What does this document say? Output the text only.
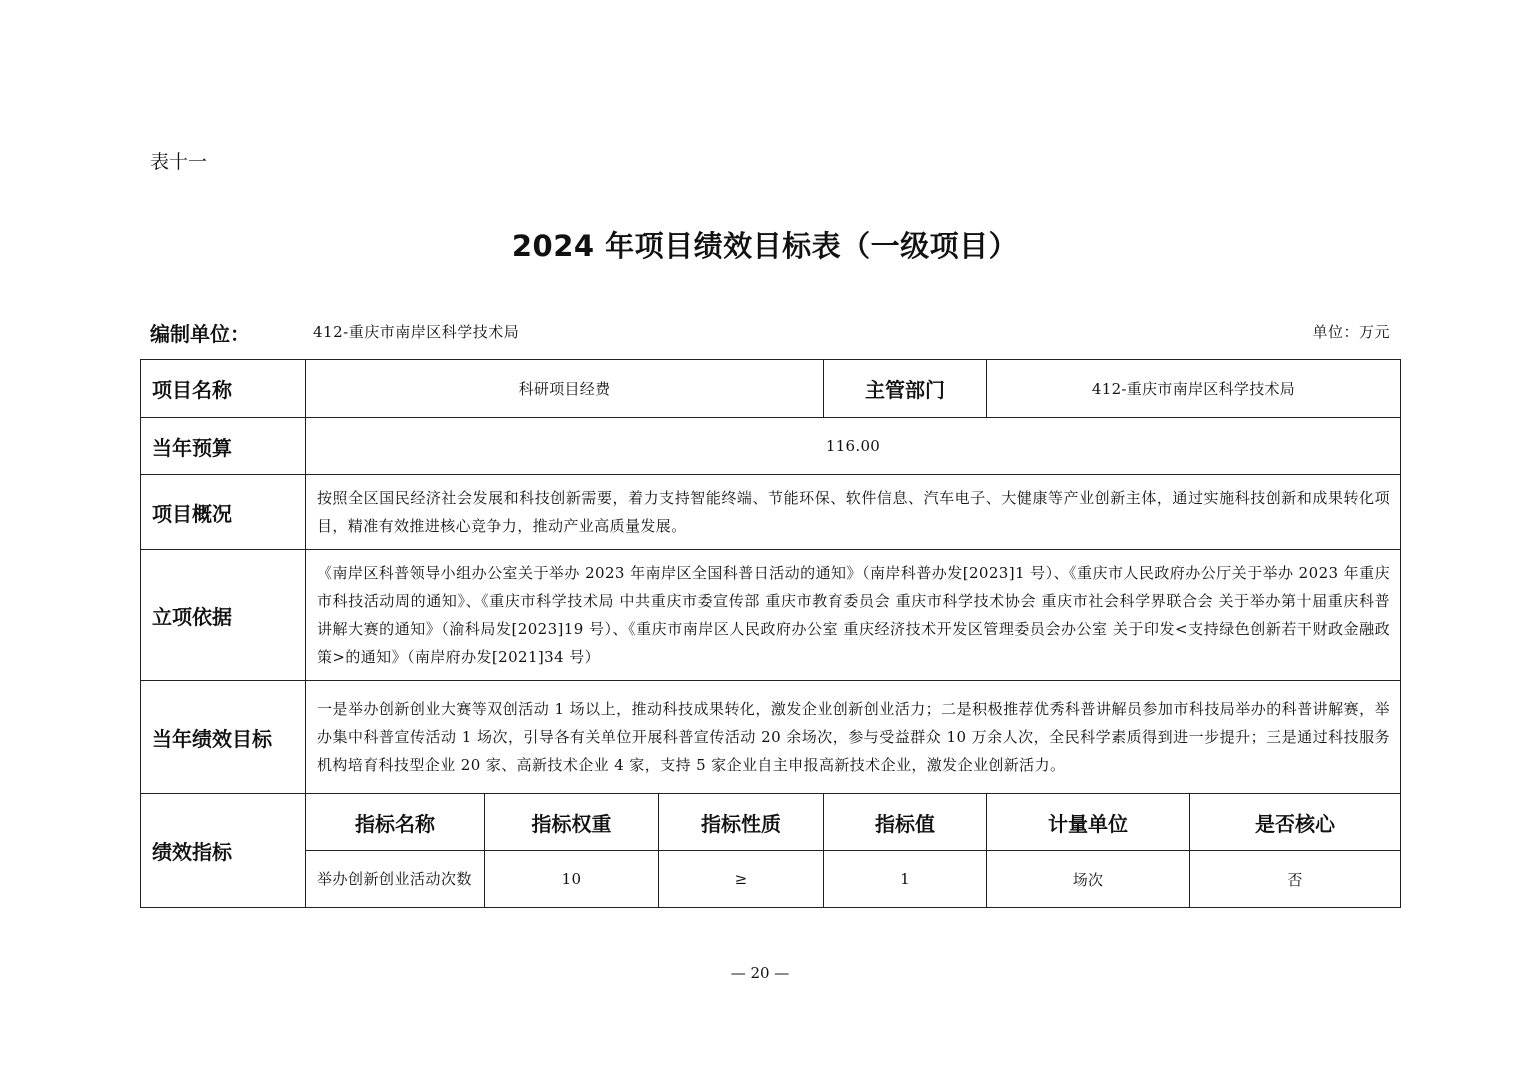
表十一
2024 年项目绩效目标表（一级项目）
编制单位：	412-重庆市南岸区科学技术局	单位：万元
项目名称	科研项目经费			主管部门	412-重庆市南岸区科学技术局	
当年预算	116.00					
项目概况	按照全区国民经济社会发展和科技创新需要，着力支持智能终端、节能环保、软件信息、汽车电子、大健康等产业创新主体，通过实施科技创新和成果转化项目，精准有效推进核心竞争力，推动产业高质量发展。					
立项依据	《南岸区科普领导小组办公室关于举办 2023 年南岸区全国科普日活动的通知》（南岸科普办发[2023]1 号）、《重庆市人民政府办公厅关于举办 2023 年重庆市科技活动周的通知》、《重庆市科学技术局 中共重庆市委宣传部 重庆市教育委员会 重庆市科学技术协会 重庆市社会科学界联合会 关于举办第十届重庆科普讲解大赛的通知》（渝科局发[2023]19 号）、《重庆市南岸区人民政府办公室 重庆经济技术开发区管理委员会办公室 关于印发<支持绿色创新若干财政金融政策>的通知》（南岸府办发[2021]34 号）					
当年绩效目标	一是举办创新创业大赛等双创活动 1 场以上，推动科技成果转化，激发企业创新创业活力；二是积极推荐优秀科普讲解员参加市科技局举办的科普讲解赛，举办集中科普宣传活动 1 场次，引导各有关单位开展科普宣传活动 20 余场次，参与受益群众 10 万余人次，全民科学素质得到进一步提升；三是通过科技服务机构培育科技型企业 20 家、高新技术企业 4 家，支持 5 家企业自主申报高新技术企业，激发企业创新活力。					
绩效指标	指标名称	指标权重	指标性质	指标值	计量单位	是否核心
	举办创新创业活动次数	10	≥	1	场次	否
— 20 —
